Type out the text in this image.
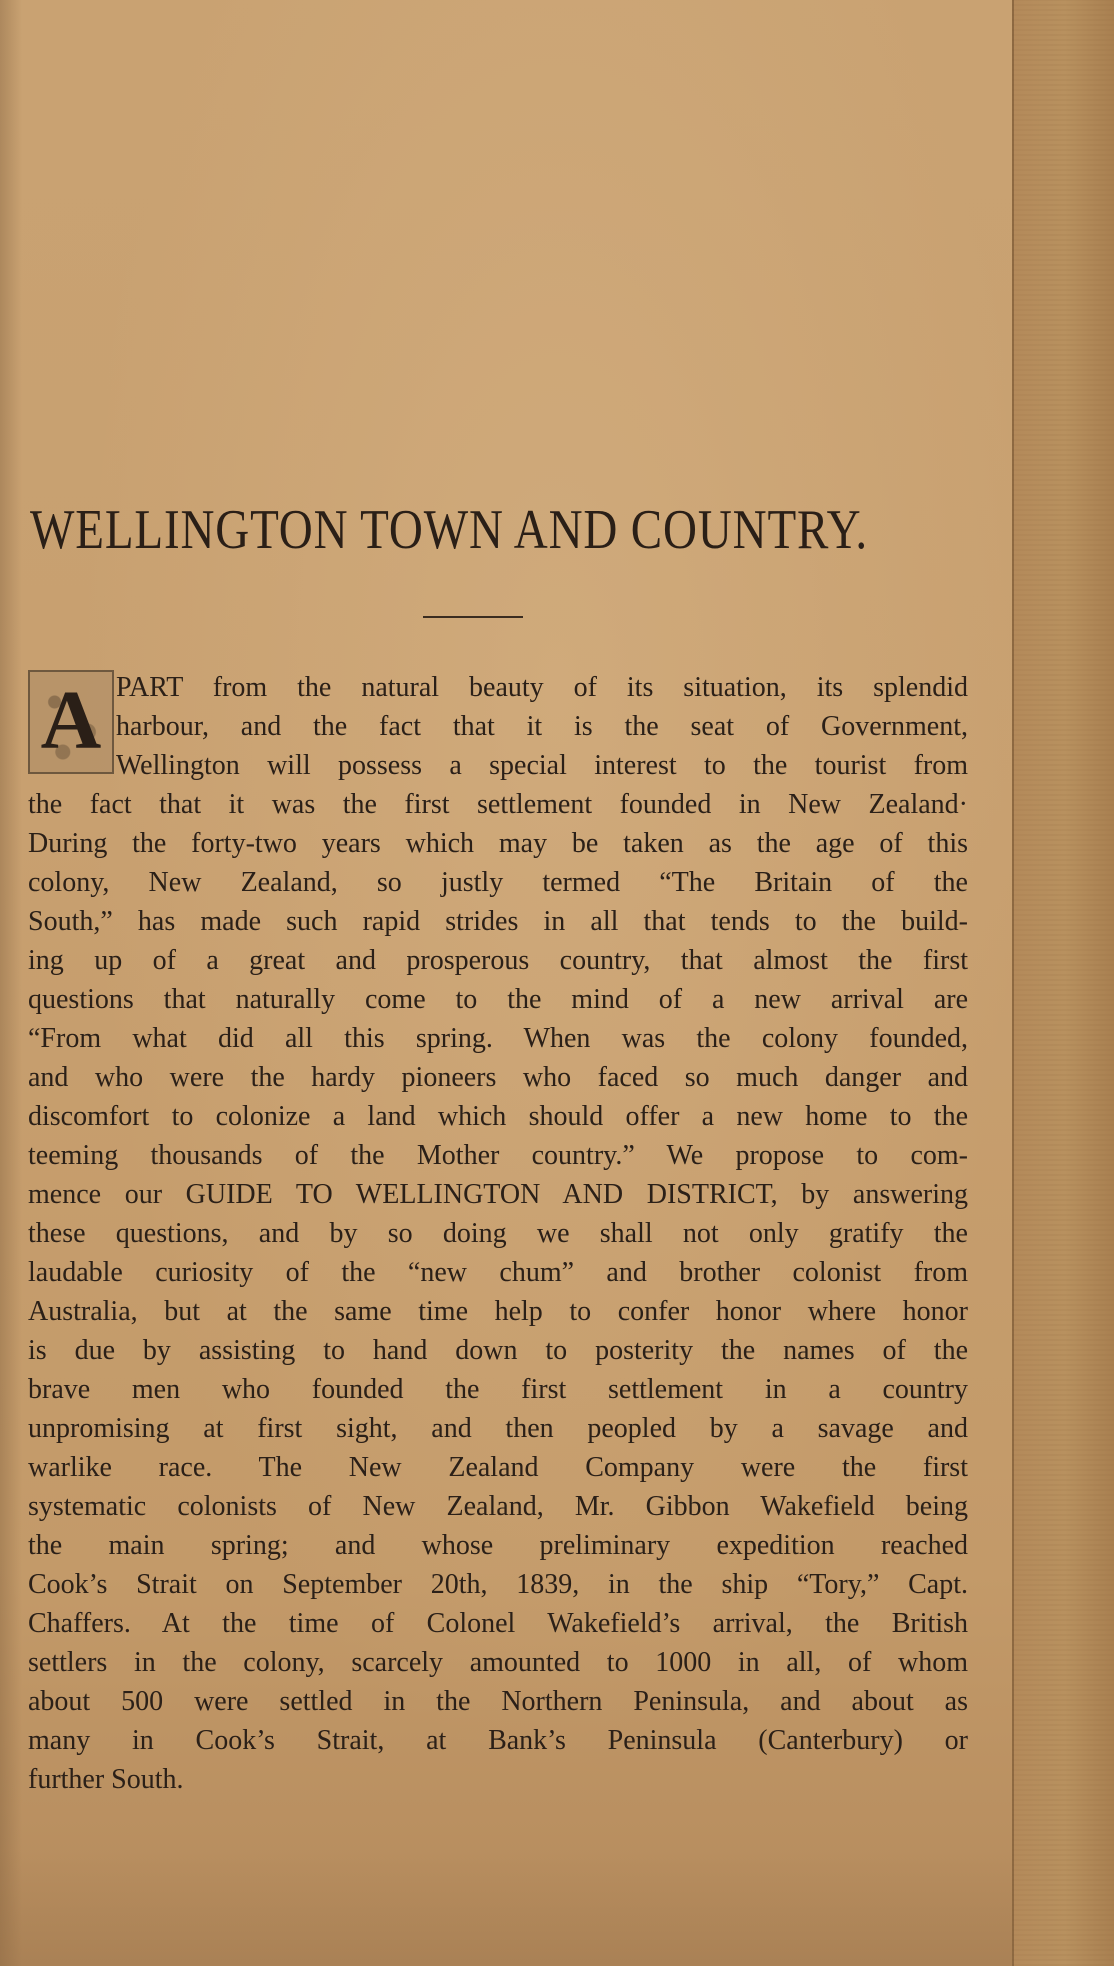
WELLINGTON TOWN AND COUNTRY.
A PART from the natural beauty of its situation, its splendid
harbour, and the fact that it is the seat of Government,
Wellington will possess a special interest to the tourist from
the fact that it was the first settlement founded in New Zealand·
During the forty-two years which may be taken as the age of this
colony, New Zealand, so justly termed “The Britain of the
South,” has made such rapid strides in all that tends to the build-
ing up of a great and prosperous country, that almost the first
questions that naturally come to the mind of a new arrival are
“From what did all this spring. When was the colony founded,
and who were the hardy pioneers who faced so much danger and
discomfort to colonize a land which should offer a new home to the
teeming thousands of the Mother country.” We propose to com-
mence our GUIDE TO WELLINGTON AND DISTRICT, by answering
these questions, and by so doing we shall not only gratify the
laudable curiosity of the “new chum” and brother colonist from
Australia, but at the same time help to confer honor where honor
is due by assisting to hand down to posterity the names of the
brave men who founded the first settlement in a country
unpromising at first sight, and then peopled by a savage and
warlike race. The New Zealand Company were the first
systematic colonists of New Zealand, Mr. Gibbon Wakefield being
the main spring; and whose preliminary expedition reached
Cook’s Strait on September 20th, 1839, in the ship “Tory,” Capt.
Chaffers. At the time of Colonel Wakefield’s arrival, the British
settlers in the colony, scarcely amounted to 1000 in all, of whom
about 500 were settled in the Northern Peninsula, and about as
many in Cook’s Strait, at Bank’s Peninsula (Canterbury) or
further South.
